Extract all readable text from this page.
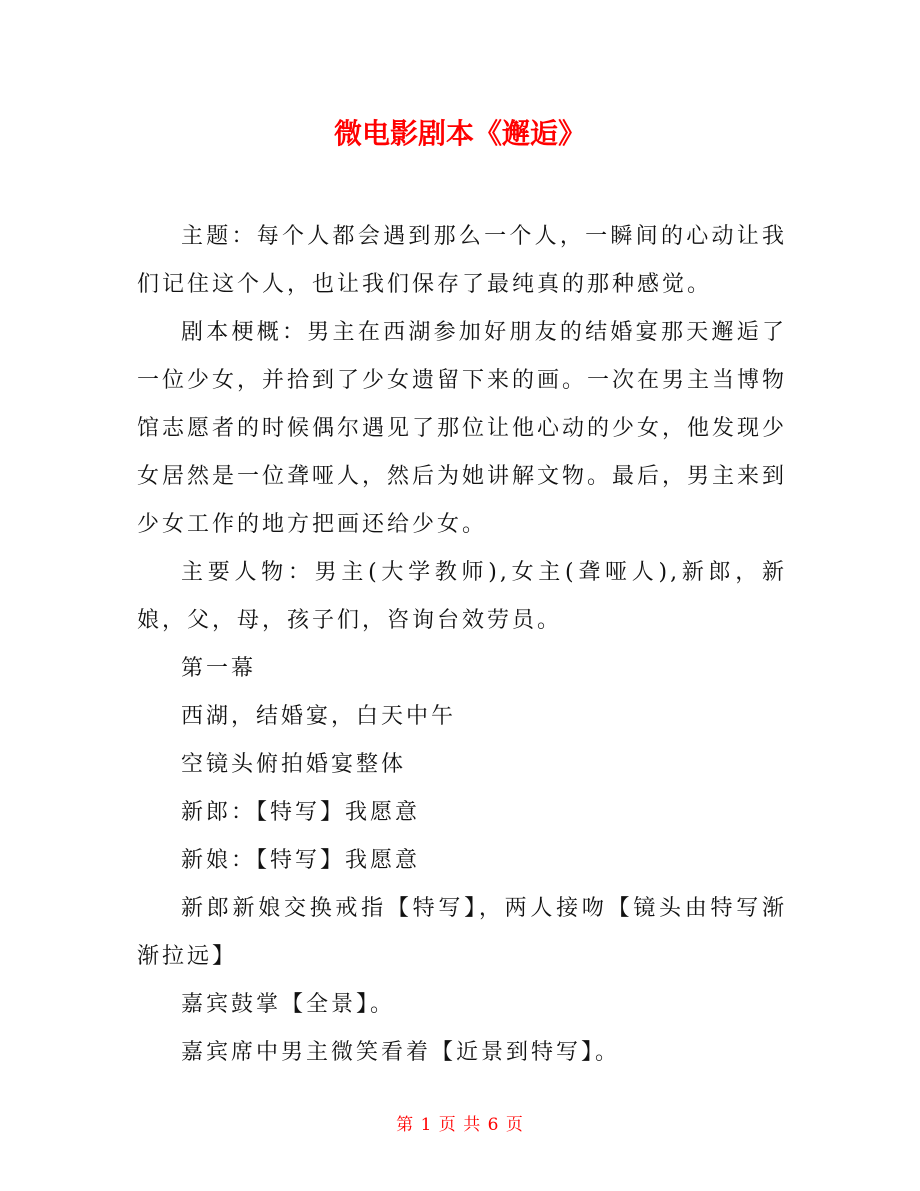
微电影剧本《邂逅》

主题：每个人都会遇到那么一个人，一瞬间的心动让我们记住这个人，也让我们保存了最纯真的那种感觉。

剧本梗概：男主在西湖参加好朋友的结婚宴那天邂逅了一位少女，并拾到了少女遗留下来的画。一次在男主当博物馆志愿者的时候偶尔遇见了那位让他心动的少女，他发现少女居然是一位聋哑人，然后为她讲解文物。最后，男主来到少女工作的地方把画还给少女。

主要人物：男主(大学教师),女主(聋哑人),新郎，新娘，父，母，孩子们，咨询台效劳员。

第一幕

西湖，结婚宴，白天中午

空镜头俯拍婚宴整体

新郎：【特写】我愿意

新娘：【特写】我愿意

新郎新娘交换戒指【特写】，两人接吻【镜头由特写渐渐拉远】

嘉宾鼓掌【全景】。

嘉宾席中男主微笑看着【近景到特写】。

第 1 页 共 6 页
